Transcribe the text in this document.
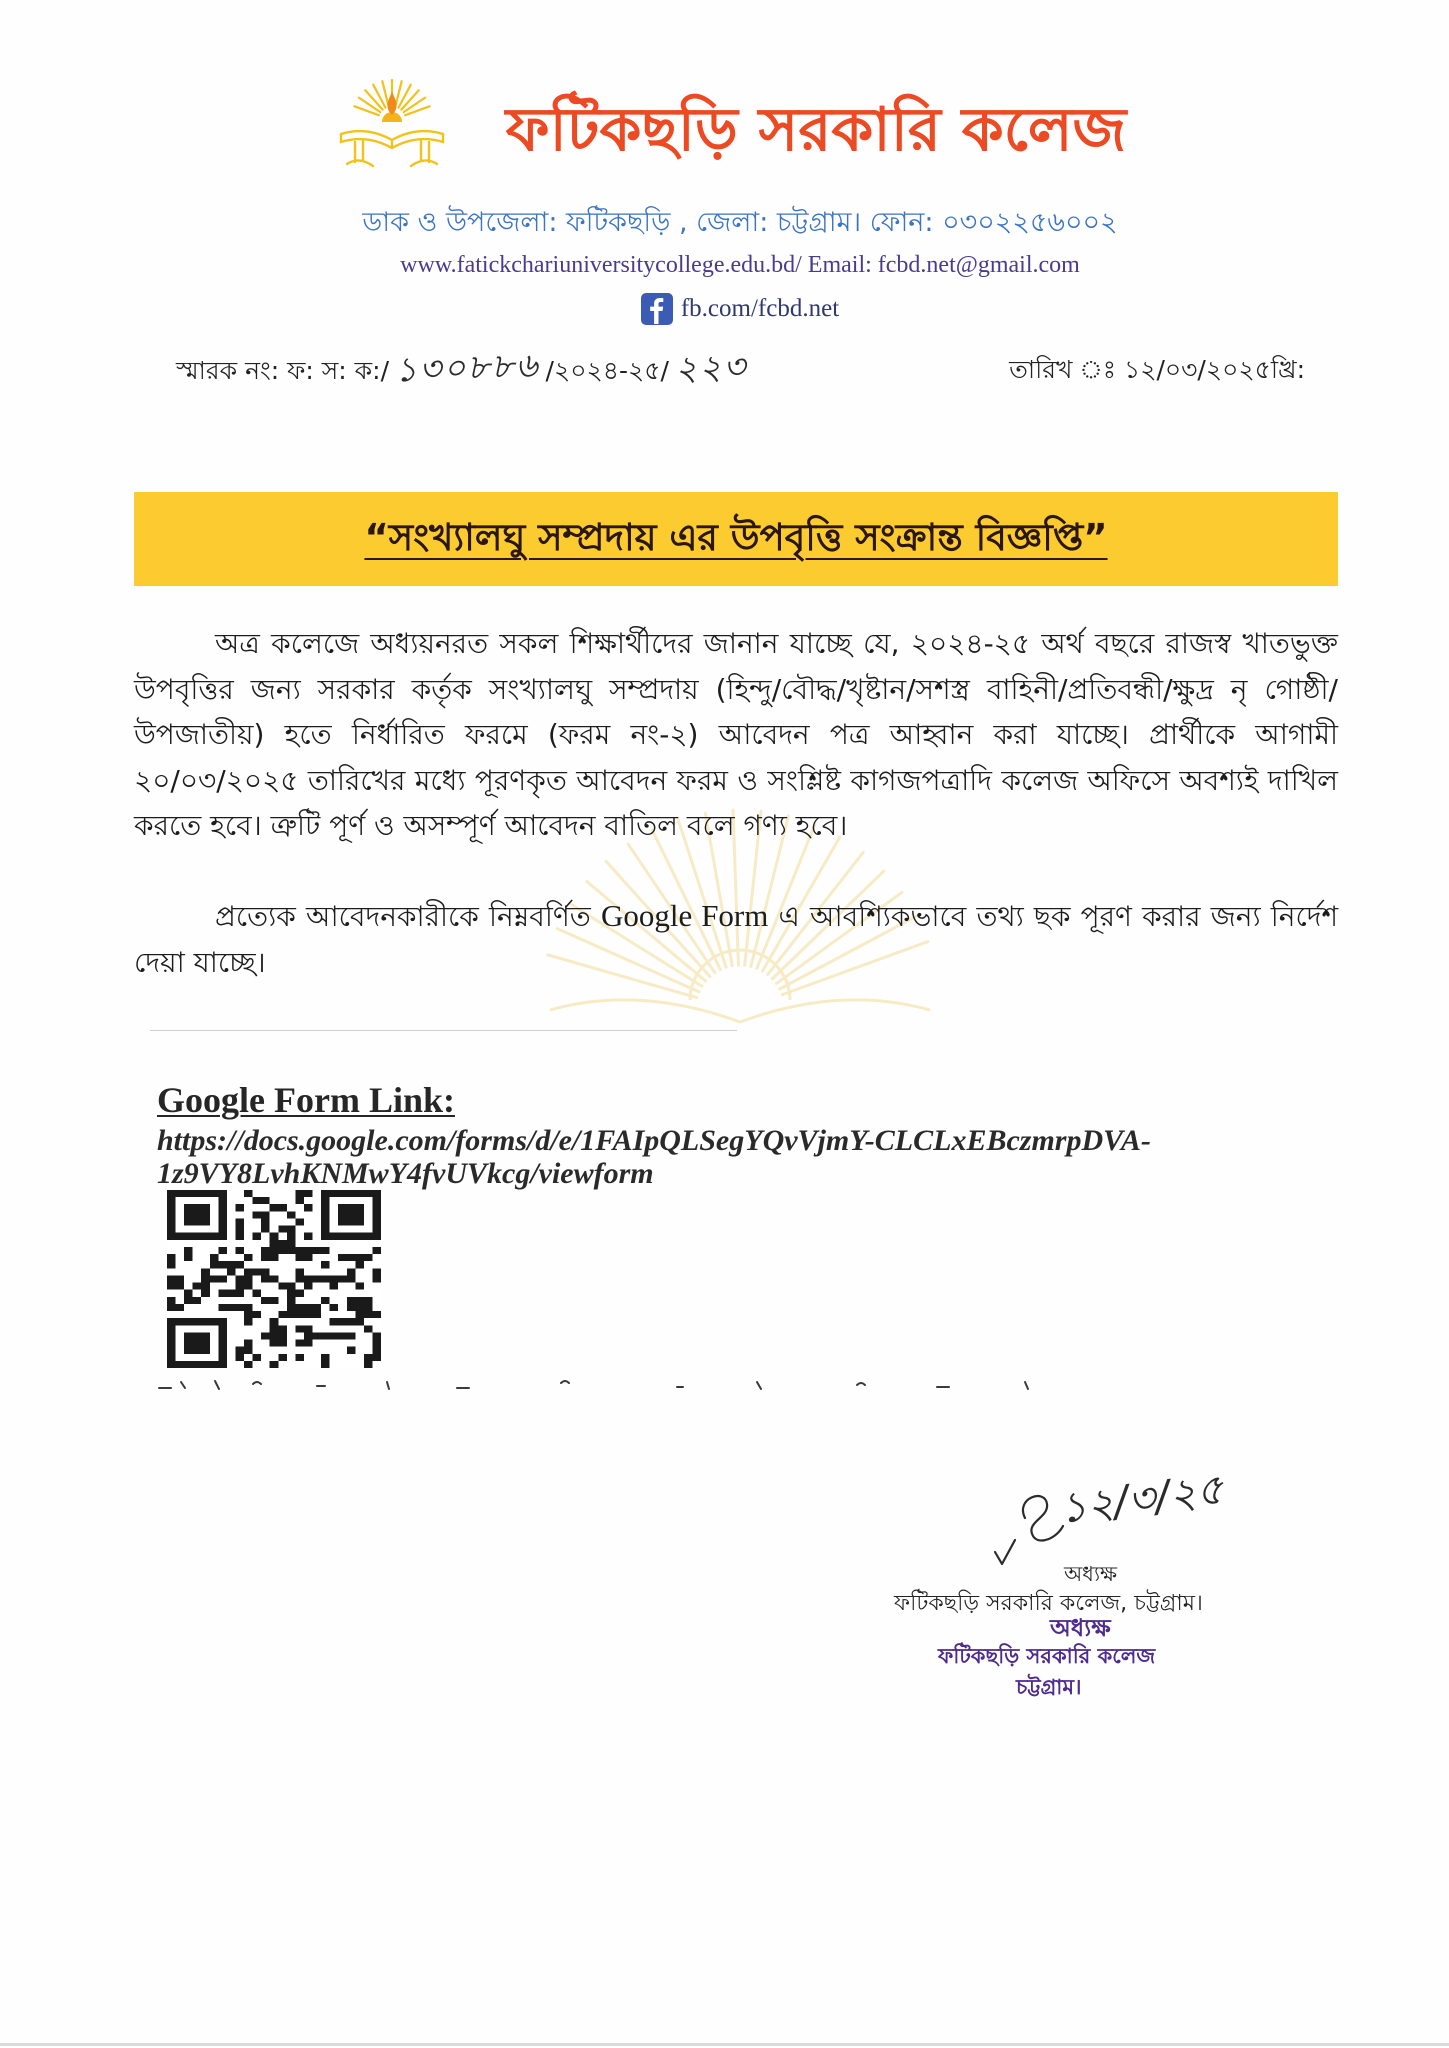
ফটিকছড়ি সরকারি কলেজ
ডাক ও উপজেলা: ফটিকছড়ি , জেলা: চট্টগ্রাম। ফোন: ০৩০২২৫৬০০২
www.fatickchariuniversitycollege.edu.bd/ Email: fcbd.net@gmail.com
fb.com/fcbd.net
স্মারক নং: ফ: স: ক:/ ১৩০৮৮৬ /২০২৪-২৫/ ২২৩	তারিখ ঃ ১২/০৩/২০২৫খ্রি:
“সংখ্যালঘু সম্প্রদায় এর উপবৃত্তি সংক্রান্ত বিজ্ঞপ্তি”

অত্র কলেজে অধ্যয়নরত সকল শিক্ষার্থীদের জানান যাচ্ছে যে, ২০২৪-২৫ অর্থ বছরে রাজস্ব খাতভুক্ত উপবৃত্তির জন্য সরকার কর্তৃক সংখ্যালঘু সম্প্রদায় (হিন্দু/বৌদ্ধ/খৃষ্টান/সশস্ত্র বাহিনী/প্রতিবন্ধী/ক্ষুদ্র নৃ গোষ্ঠী/উপজাতীয়) হতে নির্ধারিত ফরমে (ফরম নং-২) আবেদন পত্র আহ্বান করা যাচ্ছে। প্রার্থীকে আগামী ২০/০৩/২০২৫ তারিখের মধ্যে পূরণকৃত আবেদন ফরম ও সংশ্লিষ্ট কাগজপত্রাদি কলেজ অফিসে অবশ্যই দাখিল করতে হবে। ত্রুটি পূর্ণ ও অসম্পূর্ণ আবেদন বাতিল বলে গণ্য হবে।

প্রত্যেক আবেদনকারীকে নিম্নবর্ণিত Google Form এ আবশ্যিকভাবে তথ্য ছক পূরণ করার জন্য নির্দেশ দেয়া যাচ্ছে।

Google Form Link:
https://docs.google.com/forms/d/e/1FAIpQLSegYQvVjmY-CLCLxEBczmrpDVA-
1z9VY8LvhKNMwY4fvUVkcg/viewform
১২/৩/২৫
অধ্যক্ষ
ফটিকছড়ি সরকারি কলেজ, চট্টগ্রাম।
অধ্যক্ষ
ফটিকছড়ি সরকারি কলেজ
চট্টগ্রাম।
